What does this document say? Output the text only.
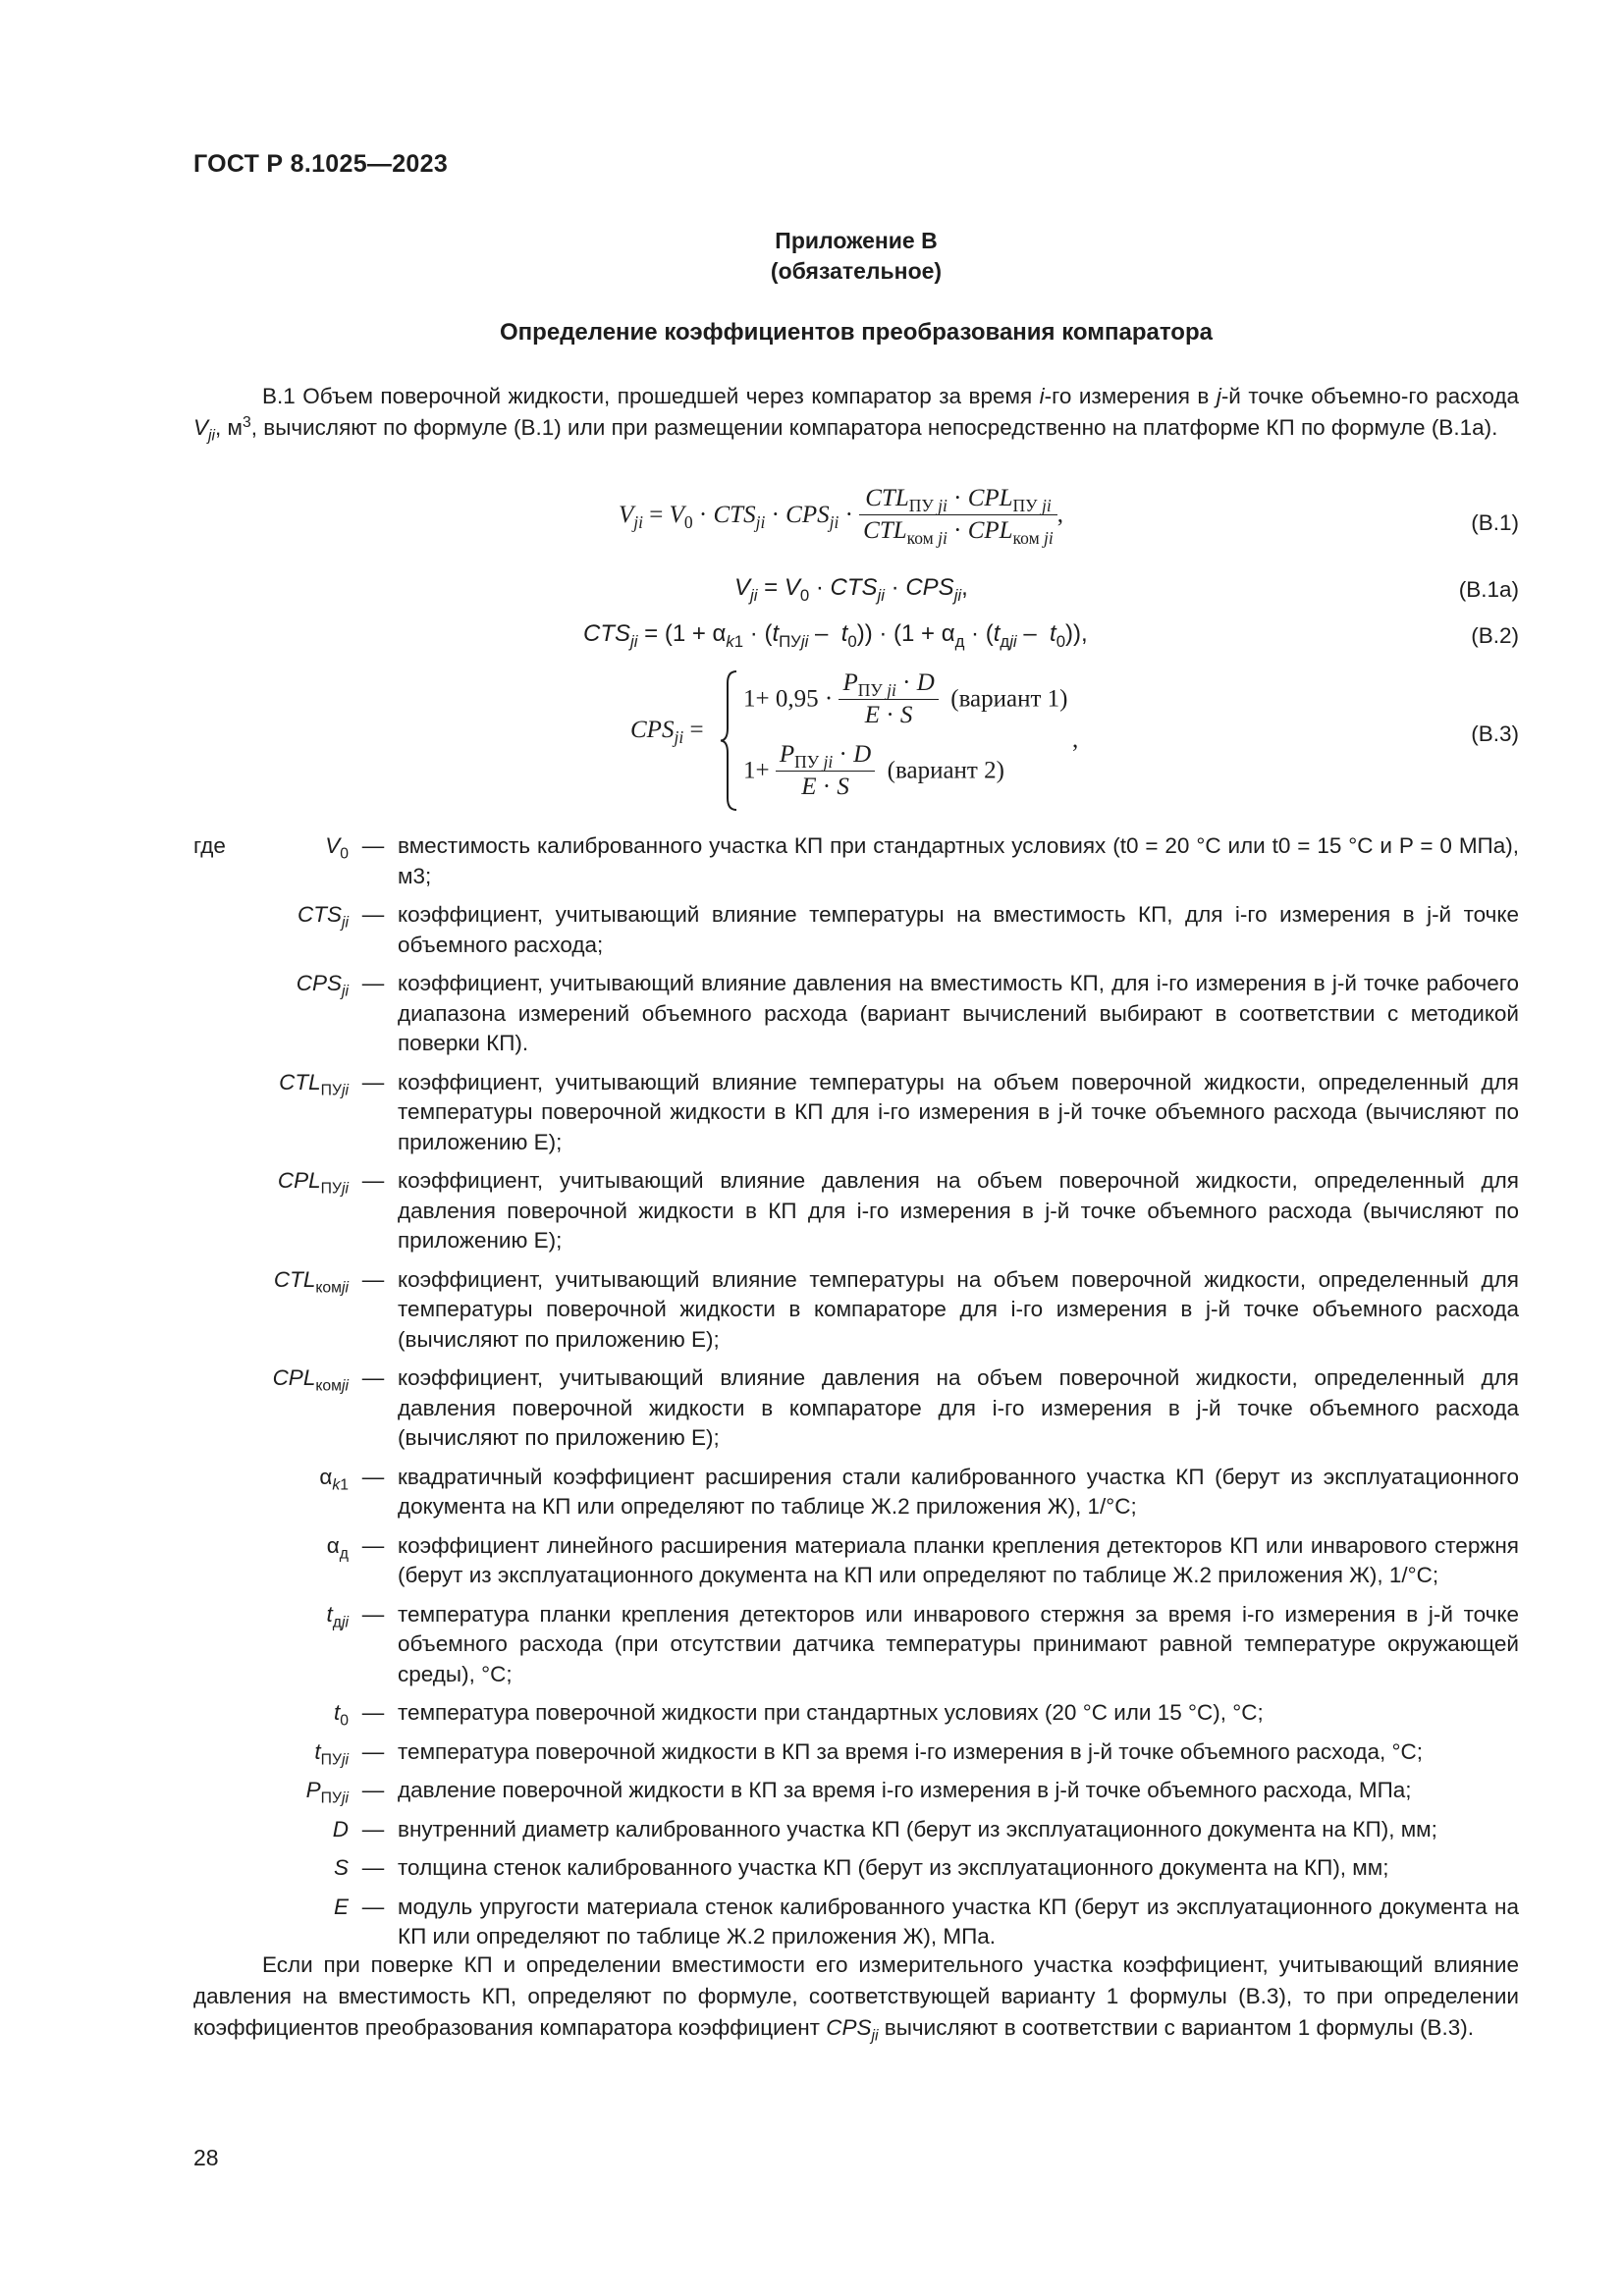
ГОСТ Р 8.1025—2023
Приложение В
(обязательное)
Определение коэффициентов преобразования компаратора
В.1 Объем поверочной жидкости, прошедшей через компаратор за время i-го измерения в j-й точке объемно-го расхода $V_{ji}$, $м^3$, вычисляют по формуле (В.1) или при размещении компаратора непосредственно на платформе КП по формуле (В.1а).
$V_{ji} = V_0 \cdot CTS_{ji} \cdot CPS_{ji} \cdot \frac{CTL_{ПУ ji} \cdot CPL_{ПУ ji}}{CTL_{ком ji} \cdot CPL_{ком ji}}$ ,	(В.1)
$V_{ji} = V_0 \cdot CTS_{ji} \cdot CPS_{ji}$,	(В.1а)
$CTS_{ji} = (1 + \alpha_{k1} \cdot (t_{ПУji} - t_0)) \cdot (1 + \alpha_д \cdot (t_{дji} - t_0))$,	(В.2)
$CPS_{ji}$ =
$1+ 0,95 \cdot \frac{P_{ПУ ji} \cdot D}{E \cdot S}$ (вариант 1)
$1+ \frac{P_{ПУ ji} \cdot D}{E \cdot S}$ (вариант 2)
,	(В.3)
где	$V_0$ — вместимость калиброванного участка КП при стандартных условиях (t0 = 20 °C или t0 = 15 °C и P = 0 МПа), м3;
$CTS_{ji}$ — коэффициент, учитывающий влияние температуры на вместимость КП, для i-го измерения в j-й точке объемного расхода;
$CPS_{ji}$ — коэффициент, учитывающий влияние давления на вместимость КП, для i-го измерения в j-й точке рабочего диапазона измерений объемного расхода (вариант вычислений выбирают в соответствии с методикой поверки КП).
$CTL_{ПУji}$ — коэффициент, учитывающий влияние температуры на объем поверочной жидкости, определенный для температуры поверочной жидкости в КП для i-го измерения в j-й точке объемного расхода (вычисляют по приложению Е);
$CPL_{ПУji}$ — коэффициент, учитывающий влияние давления на объем поверочной жидкости, определенный для давления поверочной жидкости в КП для i-го измерения в j-й точке объемного расхода (вычисляют по приложению Е);
$CTL_{комji}$ — коэффициент, учитывающий влияние температуры на объем поверочной жидкости, определенный для температуры поверочной жидкости в компараторе для i-го измерения в j-й точке объемного расхода (вычисляют по приложению Е);
$CPL_{комji}$ — коэффициент, учитывающий влияние давления на объем поверочной жидкости, определенный для давления поверочной жидкости в компараторе для i-го измерения в j-й точке объемного расхода (вычисляют по приложению Е);
$\alpha_{k1}$ — квадратичный коэффициент расширения стали калиброванного участка КП (берут из эксплуатационного документа на КП или определяют по таблице Ж.2 приложения Ж), 1/°C;
$\alpha_д$ — коэффициент линейного расширения материала планки крепления детекторов КП или инварового стержня (берут из эксплуатационного документа на КП или определяют по таблице Ж.2 приложения Ж), 1/°C;
$t_{дji}$ — температура планки крепления детекторов или инварового стержня за время i-го измерения в j-й точке объемного расхода (при отсутствии датчика температуры принимают равной температуре окружающей среды), °C;
$t_0$ — температура поверочной жидкости при стандартных условиях (20 °C или 15 °C), °C;
$t_{ПУji}$ — температура поверочной жидкости в КП за время i-го измерения в j-й точке объемного расхода, °C;
$P_{ПУji}$ — давление поверочной жидкости в КП за время i-го измерения в j-й точке объемного расхода, МПа;
D — внутренний диаметр калиброванного участка КП (берут из эксплуатационного документа на КП), мм;
S — толщина стенок калиброванного участка КП (берут из эксплуатационного документа на КП), мм;
E — модуль упругости материала стенок калиброванного участка КП (берут из эксплуатационного документа на КП или определяют по таблице Ж.2 приложения Ж), МПа.
Если при поверке КП и определении вместимости его измерительного участка коэффициент, учитывающий влияние давления на вместимость КП, определяют по формуле, соответствующей варианту 1 формулы (В.3), то при определении коэффициентов преобразования компаратора коэффициент $CPS_{ji}$ вычисляют в соответствии с вариантом 1 формулы (В.3).
28
